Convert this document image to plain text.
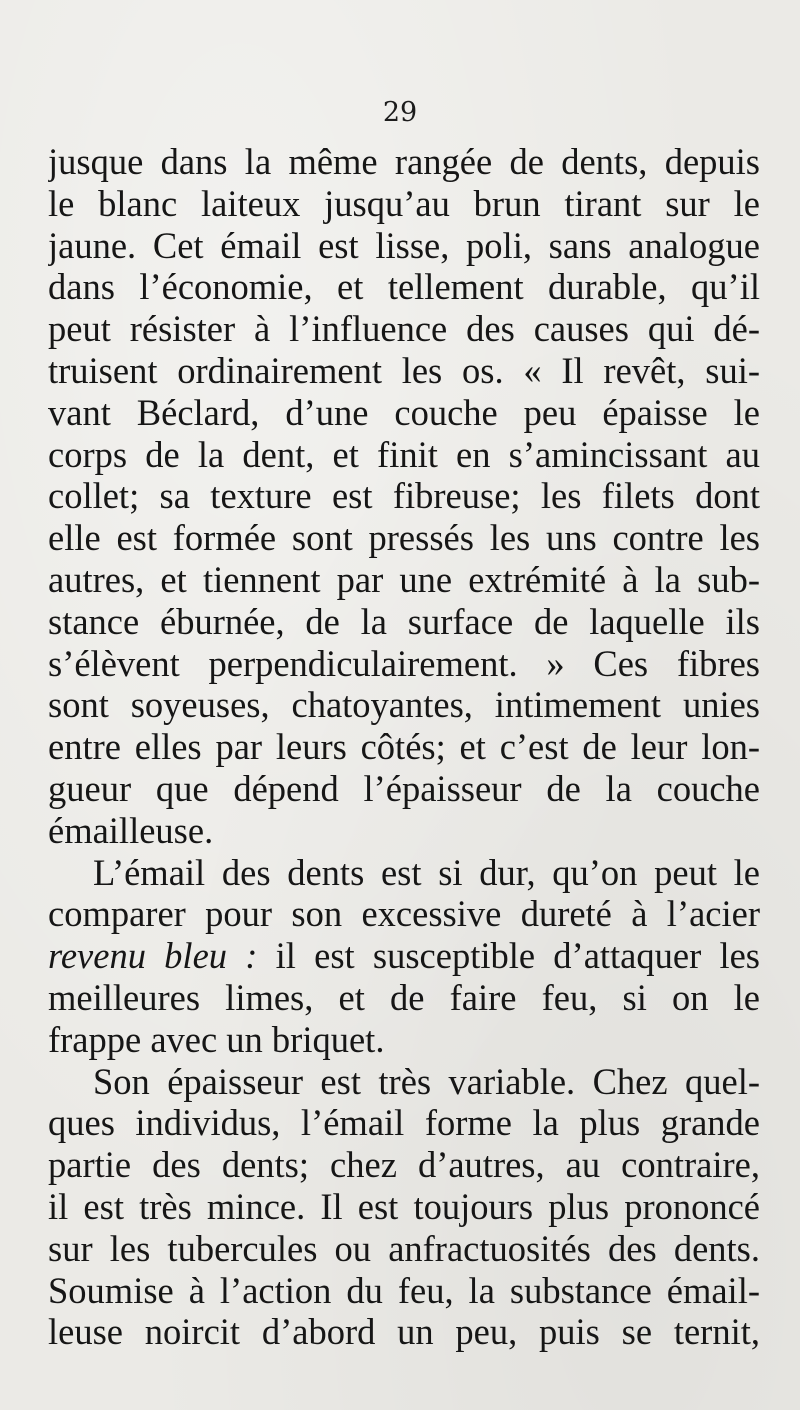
29
jusque dans la même rangée de dents, depuis
le blanc laiteux jusqu’au brun tirant sur le
jaune. Cet émail est lisse, poli, sans analogue
dans l’économie, et tellement durable, qu’il
peut résister à l’influence des causes qui dé-
truisent ordinairement les os. « Il revêt, sui-
vant Béclard, d’une couche peu épaisse le
corps de la dent, et finit en s’amincissant au
collet; sa texture est fibreuse; les filets dont
elle est formée sont pressés les uns contre les
autres, et tiennent par une extrémité à la sub-
stance éburnée, de la surface de laquelle ils
s’élèvent perpendiculairement. » Ces fibres
sont soyeuses, chatoyantes, intimement unies
entre elles par leurs côtés; et c’est de leur lon-
gueur que dépend l’épaisseur de la couche
émailleuse.
L’émail des dents est si dur, qu’on peut le
comparer pour son excessive dureté à l’acier
revenu bleu : il est susceptible d’attaquer les
meilleures limes, et de faire feu, si on le
frappe avec un briquet.
Son épaisseur est très variable. Chez quel-
ques individus, l’émail forme la plus grande
partie des dents; chez d’autres, au contraire,
il est très mince. Il est toujours plus prononcé
sur les tubercules ou anfractuosités des dents.
Soumise à l’action du feu, la substance émail-
leuse noircit d’abord un peu, puis se ternit,
